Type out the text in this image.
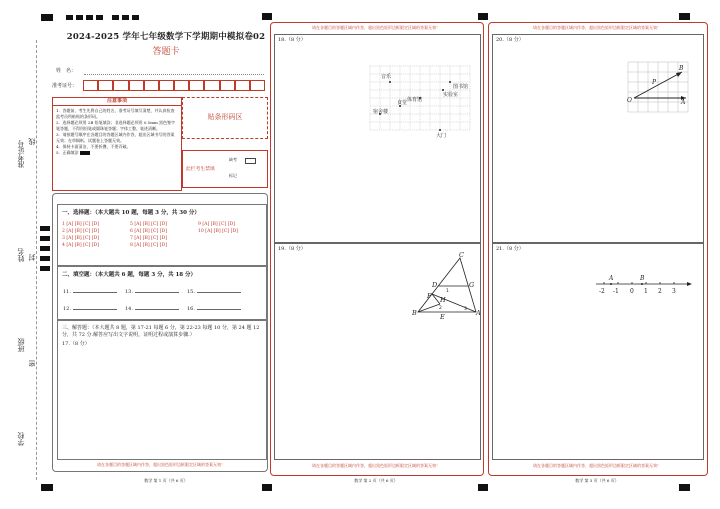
准考证号 线
姓名 封
班级
密
学校
2024-2025 学年七年级数学下学期期中模拟卷02
答题卡
姓　名：
准考证号：
注意事项
1．答题前，考生先将自己的姓名，准考证号填写清楚，并认真检查监考员所粘贴的条形码。
2．选择题必须用 2B 铅笔填涂；非选择题必须用 0.5mm 黑色签字笔答题，不得用铅笔或圆珠笔答题；字体工整、笔迹清晰。
3．请按题号顺序在各题目的答题区域内作答，超出区域书写的答案无效；在草稿纸、试题卷上答题无效。
4．保持卡面清洁，不要折叠、不要弄破。
5．正确填涂
贴条形码区
此栏考生禁填
缺考
标记
一、选择题：（本大题共 10 题，每题 3 分，共 30 分）
1 [A] [B] [C] [D]	5 [A] [B] [C] [D]	9 [A] [B] [C] [D]
2 [A] [B] [C] [D]	6 [A] [B] [C] [D]	10 [A] [B] [C] [D]
3 [A] [B] [C] [D]	7 [A] [B] [C] [D]
4 [A] [B] [C] [D]	8 [A] [B] [C] [D]
二、填空题：（本大题共 6 题，每题 3 分，共 18 分）
11.	13.	15.
12.	14.	16.
三、解答题：（本大题共 8 题，第 17-21 每题 6 分，第 22-23 每题 10 分，第 24 题 12 分，共 72 分.解答应写出文字说明，证明过程或演算步骤.）
17.（8 分）
请在各题目的答题区域内作答，超出黑色矩形边框限定区域的答案无效！
数学 第 1 页（共 6 页）
请在各题目的答题区域内作答，超出黑色矩形边框限定区域的答案无效！
18.（8 分）
音乐
图书馆
实验室
体育馆
宿舍楼
食堂
大门
19.（8 分）
C
D
F
G
H
B	E	A
1
2	3
请在各题目的答题区域内作答，超出黑色矩形边框限定区域的答案无效！
数学 第 2 页（共 6 页）
请在各题目的答题区域内作答，超出黑色矩形边框限定区域的答案无效！
20.（8 分）
B
P
O	A
21.（8 分）
-2 -1 0 1 2 3
A	B
请在各题目的答题区域内作答，超出黑色矩形边框限定区域的答案无效！
数学 第 3 页（共 6 页）
